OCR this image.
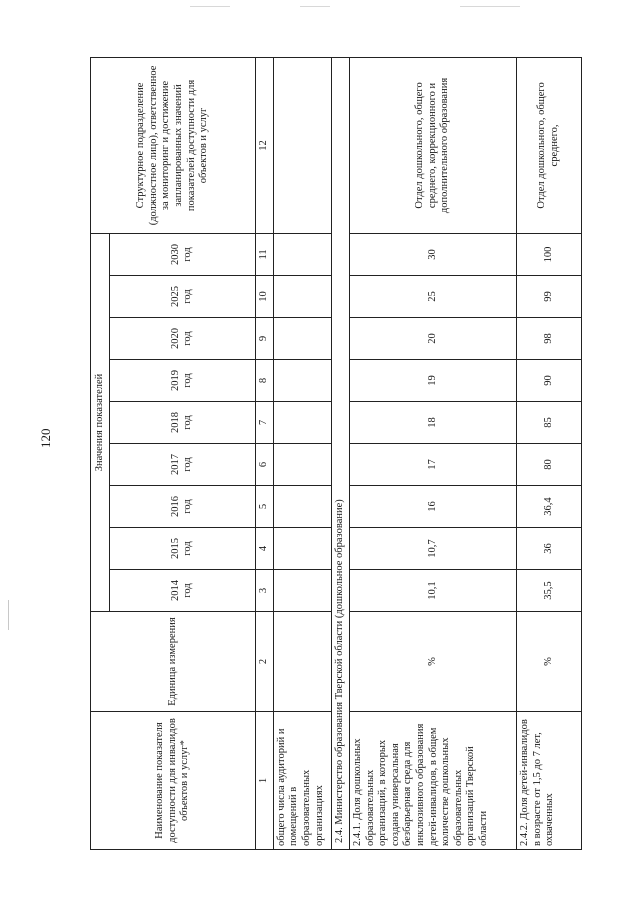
120
Наименование показателя доступности для инвалидов объектов и услуг*	Единица измерения	Значения показателей									Структурное подразделение (должностное лицо), ответственное за мониторинг и достижение запланированных значений показателей доступности для объектов и услуг
		2014 год	2015 год	2016 год	2017 год	2018 год	2019 год	2020 год	2025 год	2030 год	
1	2	3	4	5	6	7	8	9	10	11	12
общего числа аудиторий и помещений в образовательных организациях											
2.4. Министерство образования Тверской области (дошкольное образование)											
2.4.1. Доля дошкольных образовательных организаций, в которых создана универсальная безбарьерная среда для инклюзивного образования детей-инвалидов, в общем количестве дошкольных образовательных организаций Тверской области	%	10,1	10,7	16	17	18	19	20	25	30	Отдел дошкольного, общего среднего, коррекционного и дополнительного образования
2.4.2. Доля детей-инвалидов в возрасте от 1,5 до 7 лет, охваченных	%	35,5	36	36,4	80	85	90	98	99	100	Отдел дошкольного, общего среднего,
